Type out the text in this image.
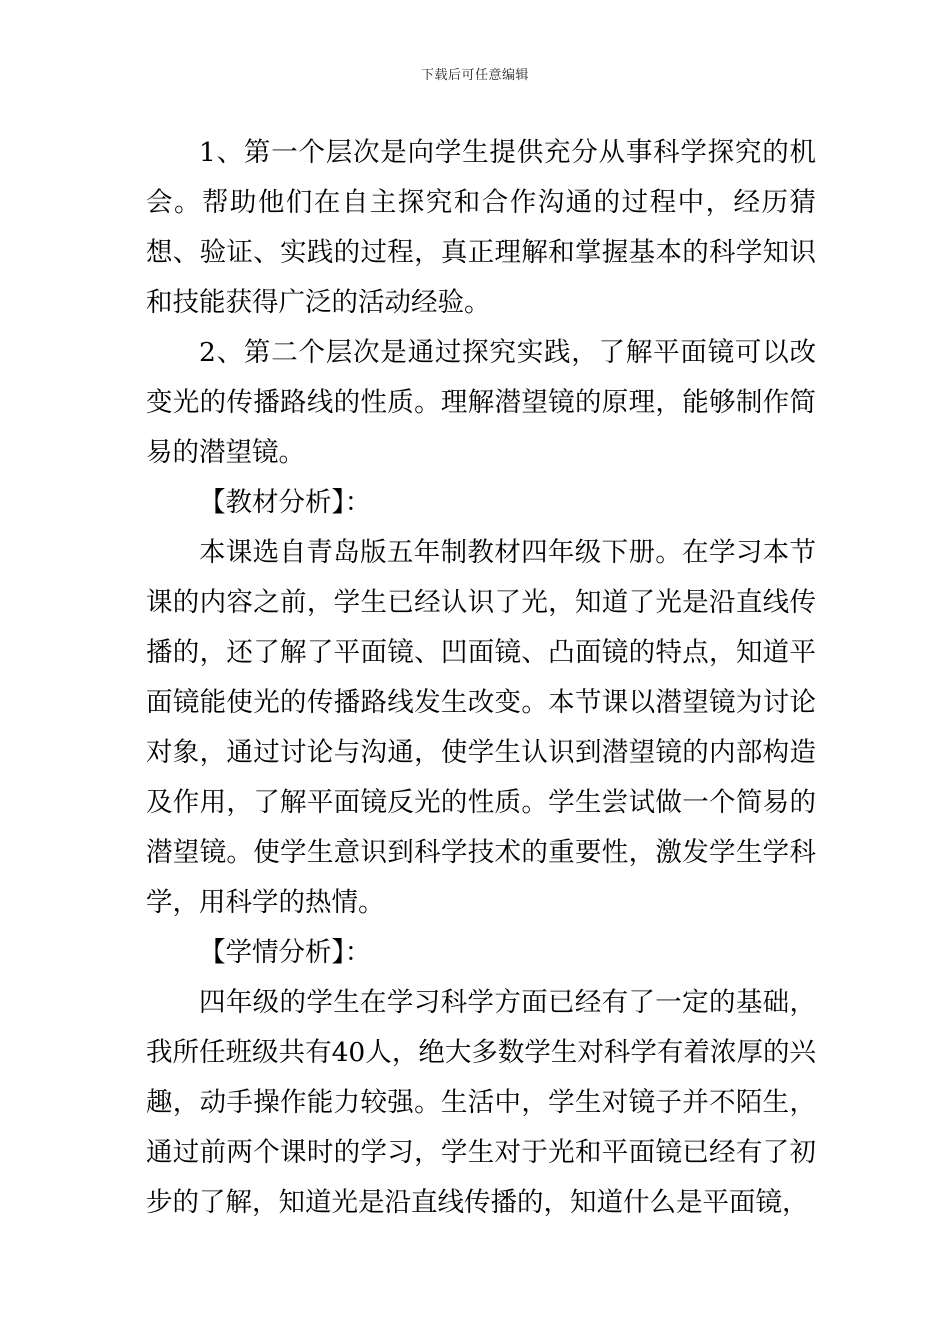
下载后可任意编辑

1、第一个层次是向学生提供充分从事科学探究的机会。帮助他们在自主探究和合作沟通的过程中，经历猜想、验证、实践的过程，真正理解和掌握基本的科学知识和技能获得广泛的活动经验。

2、第二个层次是通过探究实践，了解平面镜可以改变光的传播路线的性质。理解潜望镜的原理，能够制作简易的潜望镜。

【教材分析】：

本课选自青岛版五年制教材四年级下册。在学习本节课的内容之前，学生已经认识了光，知道了光是沿直线传播的，还了解了平面镜、凹面镜、凸面镜的特点，知道平面镜能使光的传播路线发生改变。本节课以潜望镜为讨论对象，通过讨论与沟通，使学生认识到潜望镜的内部构造及作用，了解平面镜反光的性质。学生尝试做一个简易的潜望镜。使学生意识到科学技术的重要性，激发学生学科学，用科学的热情。

【学情分析】：

四年级的学生在学习科学方面已经有了一定的基础，我所任班级共有40人，绝大多数学生对科学有着浓厚的兴趣，动手操作能力较强。生活中，学生对镜子并不陌生，通过前两个课时的学习，学生对于光和平面镜已经有了初步的了解，知道光是沿直线传播的，知道什么是平面镜，
